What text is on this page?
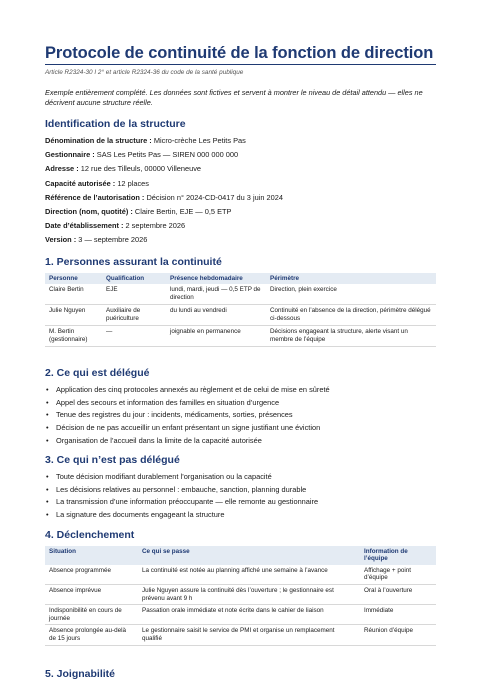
Protocole de continuité de la fonction de direction
Article R2324-30 I 2° et article R2324-36 du code de la santé publique
Exemple entièrement complété. Les données sont fictives et servent à montrer le niveau de détail attendu — elles ne décrivent aucune structure réelle.
Identification de la structure
Dénomination de la structure : Micro-crèche Les Petits Pas
Gestionnaire : SAS Les Petits Pas — SIREN 000 000 000
Adresse : 12 rue des Tilleuls, 00000 Villeneuve
Capacité autorisée : 12 places
Référence de l’autorisation : Décision n° 2024-CD-0417 du 3 juin 2024
Direction (nom, quotité) : Claire Bertin, EJE — 0,5 ETP
Date d’établissement : 2 septembre 2026
Version : 3 — septembre 2026
1. Personnes assurant la continuité
Personne	Qualification	Présence hebdomadaire	Périmètre
Claire Bertin	EJE	lundi, mardi, jeudi — 0,5 ETP de direction	Direction, plein exercice
Julie Nguyen	Auxiliaire de puériculture	du lundi au vendredi	Continuité en l’absence de la direction, périmètre délégué ci-dessous
M. Bertin (gestionnaire)	—	joignable en permanence	Décisions engageant la structure, alerte visant un membre de l’équipe
2. Ce qui est délégué
• Application des cinq protocoles annexés au règlement et de celui de mise en sûreté
• Appel des secours et information des familles en situation d’urgence
• Tenue des registres du jour : incidents, médicaments, sorties, présences
• Décision de ne pas accueillir un enfant présentant un signe justifiant une éviction
• Organisation de l’accueil dans la limite de la capacité autorisée
3. Ce qui n’est pas délégué
• Toute décision modifiant durablement l’organisation ou la capacité
• Les décisions relatives au personnel : embauche, sanction, planning durable
• La transmission d’une information préoccupante — elle remonte au gestionnaire
• La signature des documents engageant la structure
4. Déclenchement
Situation	Ce qui se passe	Information de l’équipe
Absence programmée	La continuité est notée au planning affiché une semaine à l’avance	Affichage + point d’équipe
Absence imprévue	Julie Nguyen assure la continuité dès l’ouverture ; le gestionnaire est prévenu avant 9 h	Oral à l’ouverture
Indisponibilité en cours de journée	Passation orale immédiate et note écrite dans le cahier de liaison	Immédiate
Absence prolongée au-delà de 15 jours	Le gestionnaire saisit le service de PMI et organise un remplacement qualifié	Réunion d’équipe
5. Joignabilité
